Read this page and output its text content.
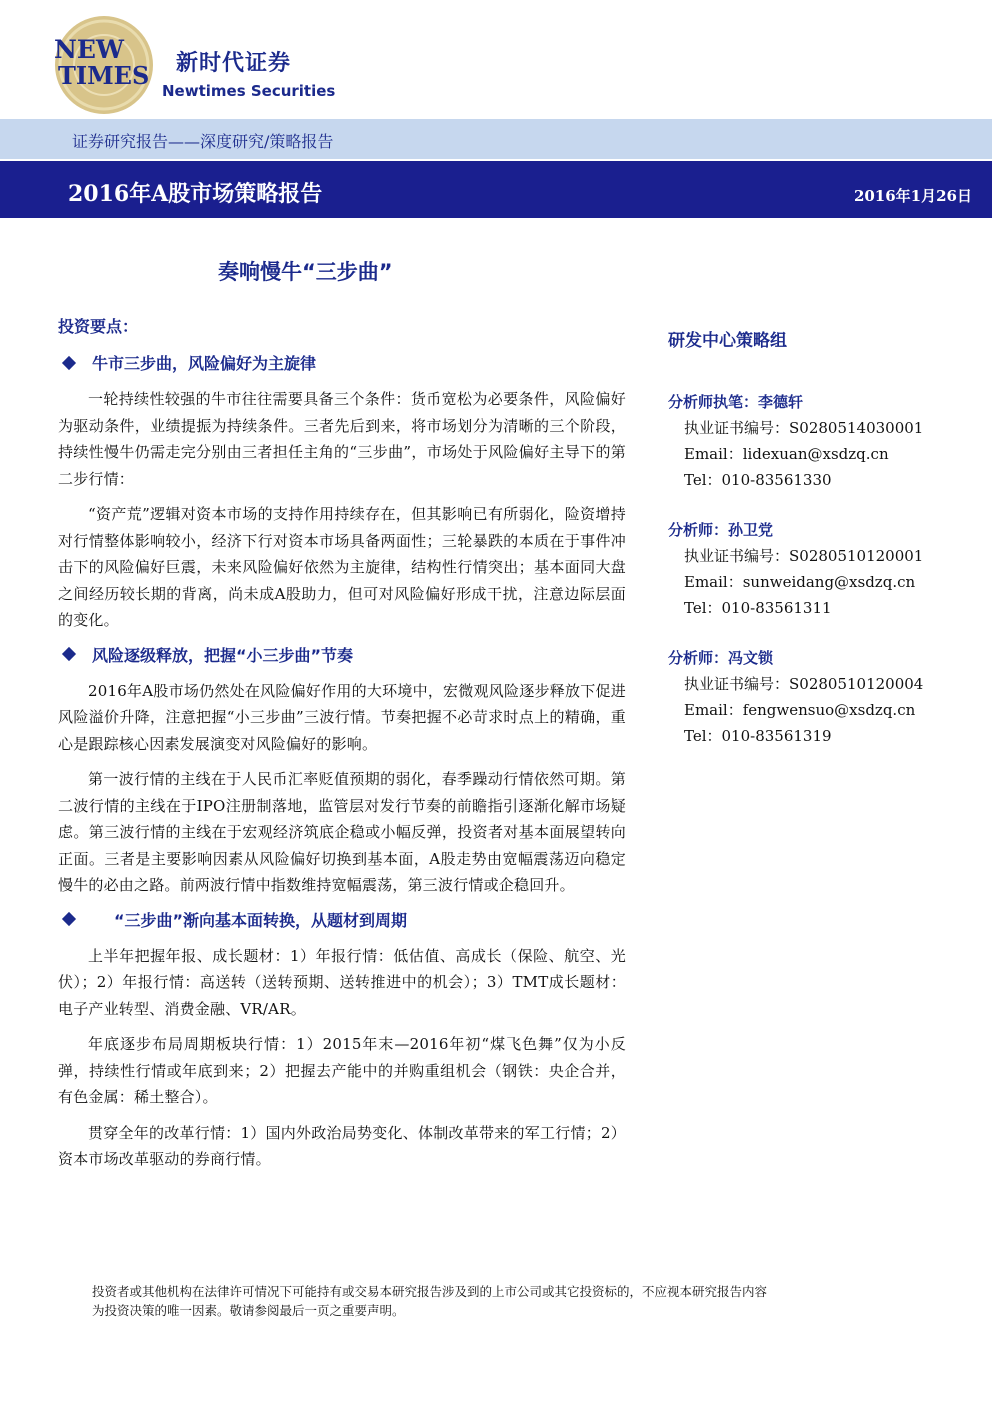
NEW
TIMES 新时代证券
Newtimes Securities
证券研究报告——深度研究/策略报告
2016年A股市场策略报告	2016年1月26日
奏响慢牛“三步曲”
投资要点：
牛市三步曲，风险偏好为主旋律

一轮持续性较强的牛市往往需要具备三个条件：货币宽松为必要条件，风险偏好为驱动条件，业绩提振为持续条件。三者先后到来，将市场划分为清晰的三个阶段，持续性慢牛仍需走完分别由三者担任主角的“三步曲”，市场处于风险偏好主导下的第二步行情：

“资产荒”逻辑对资本市场的支持作用持续存在，但其影响已有所弱化，险资增持对行情整体影响较小，经济下行对资本市场具备两面性；三轮暴跌的本质在于事件冲击下的风险偏好巨震，未来风险偏好依然为主旋律，结构性行情突出；基本面同大盘之间经历较长期的背离，尚未成A股助力，但可对风险偏好形成干扰，注意边际层面的变化。

风险逐级释放，把握“小三步曲”节奏

2016年A股市场仍然处在风险偏好作用的大环境中，宏微观风险逐步释放下促进风险溢价升降，注意把握“小三步曲”三波行情。节奏把握不必苛求时点上的精确，重心是跟踪核心因素发展演变对风险偏好的影响。

第一波行情的主线在于人民币汇率贬值预期的弱化，春季躁动行情依然可期。第二波行情的主线在于IPO注册制落地，监管层对发行节奏的前瞻指引逐渐化解市场疑虑。第三波行情的主线在于宏观经济筑底企稳或小幅反弹，投资者对基本面展望转向正面。三者是主要影响因素从风险偏好切换到基本面，A股走势由宽幅震荡迈向稳定慢牛的必由之路。前两波行情中指数维持宽幅震荡，第三波行情或企稳回升。

“三步曲”渐向基本面转换，从题材到周期

上半年把握年报、成长题材：1）年报行情：低估值、高成长（保险、航空、光伏）；2）年报行情：高送转（送转预期、送转推进中的机会）；3）TMT成长题材：电子产业转型、消费金融、VR/AR。

年底逐步布局周期板块行情：1）2015年末—2016年初“煤飞色舞”仅为小反弹，持续性行情或年底到来；2）把握去产能中的并购重组机会（钢铁：央企合并，有色金属：稀土整合）。

贯穿全年的改革行情：1）国内外政治局势变化、体制改革带来的军工行情；2）资本市场改革驱动的券商行情。

研发中心策略组
分析师执笔：李德轩
执业证书编号：S0280514030001
Email：lidexuan@xsdzq.cn
Tel：010-83561330
分析师：孙卫党
执业证书编号：S0280510120001
Email：sunweidang@xsdzq.cn
Tel：010-83561311
分析师：冯文锁
执业证书编号：S0280510120004
Email：fengwensuo@xsdzq.cn
Tel：010-83561319
投资者或其他机构在法律许可情况下可能持有或交易本研究报告涉及到的上市公司或其它投资标的，不应视本研究报告内容
为投资决策的唯一因素。敬请参阅最后一页之重要声明。
